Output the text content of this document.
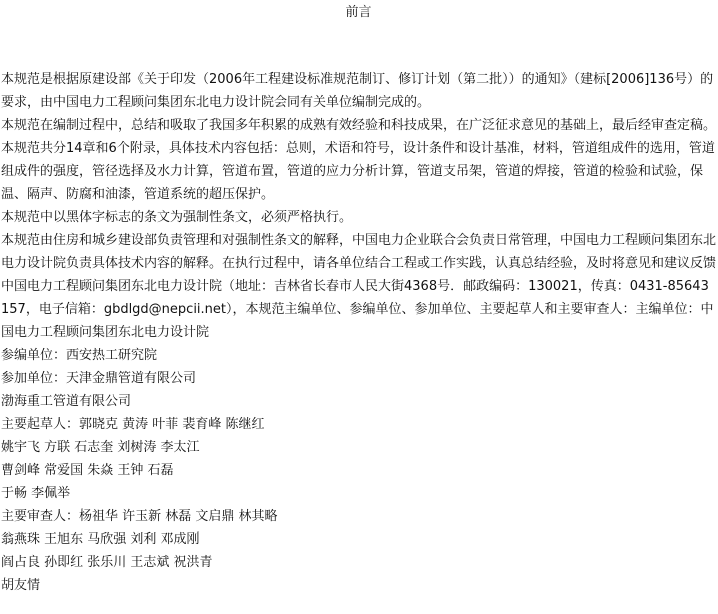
前言

本规范是根据原建设部《关于印发（2006年工程建设标准规范制订、修订计划（第二批））的通知》（建标[2006]136号）的要求，由中国电力工程顾问集团东北电力设计院会同有关单位编制完成的。

本规范在编制过程中，总结和吸取了我国多年积累的成熟有效经验和科技成果，在广泛征求意见的基础上，最后经审查定稿。

本规范共分14章和6个附录，具体技术内容包括：总则，术语和符号，设计条件和设计基准，材料，管道组成件的选用，管道组成件的强度，管径选择及水力计算，管道布置，管道的应力分析计算，管道支吊架，管道的焊接，管道的检验和试验，保温、隔声、防腐和油漆，管道系统的超压保护。

本规范中以黑体字标志的条文为强制性条文，必须严格执行。

本规范由住房和城乡建设部负责管理和对强制性条文的解释，中国电力企业联合会负责日常管理，中国电力工程顾问集团东北电力设计院负责具体技术内容的解释。在执行过程中，请各单位结合工程或工作实践，认真总结经验，及时将意见和建议反馈中国电力工程顾问集团东北电力设计院（地址：吉林省长春市人民大街4368号．邮政编码：130021，传真：0431-85643157，电子信箱：gbdlgd@nepcii.net），本规范主编单位、参编单位、参加单位、主要起草人和主要审查人：主编单位：中国电力工程顾问集团东北电力设计院

参编单位：西安热工研究院

参加单位：天津金鼎管道有限公司

渤海重工管道有限公司

主要起草人：郭晓克 黄涛 叶菲 裴育峰 陈继红

姚宇飞 方联 石志奎 刘树涛 李太江

曹剑峰 常爱国 朱焱 王钟 石磊

于畅 李佩举

主要审查人：杨祖华 许玉新 林磊 文启鼎 林其略

翁燕珠 王旭东 马欣强 刘利 邓成刚

阎占良 孙即红 张乐川 王志斌 祝洪青

胡友情
